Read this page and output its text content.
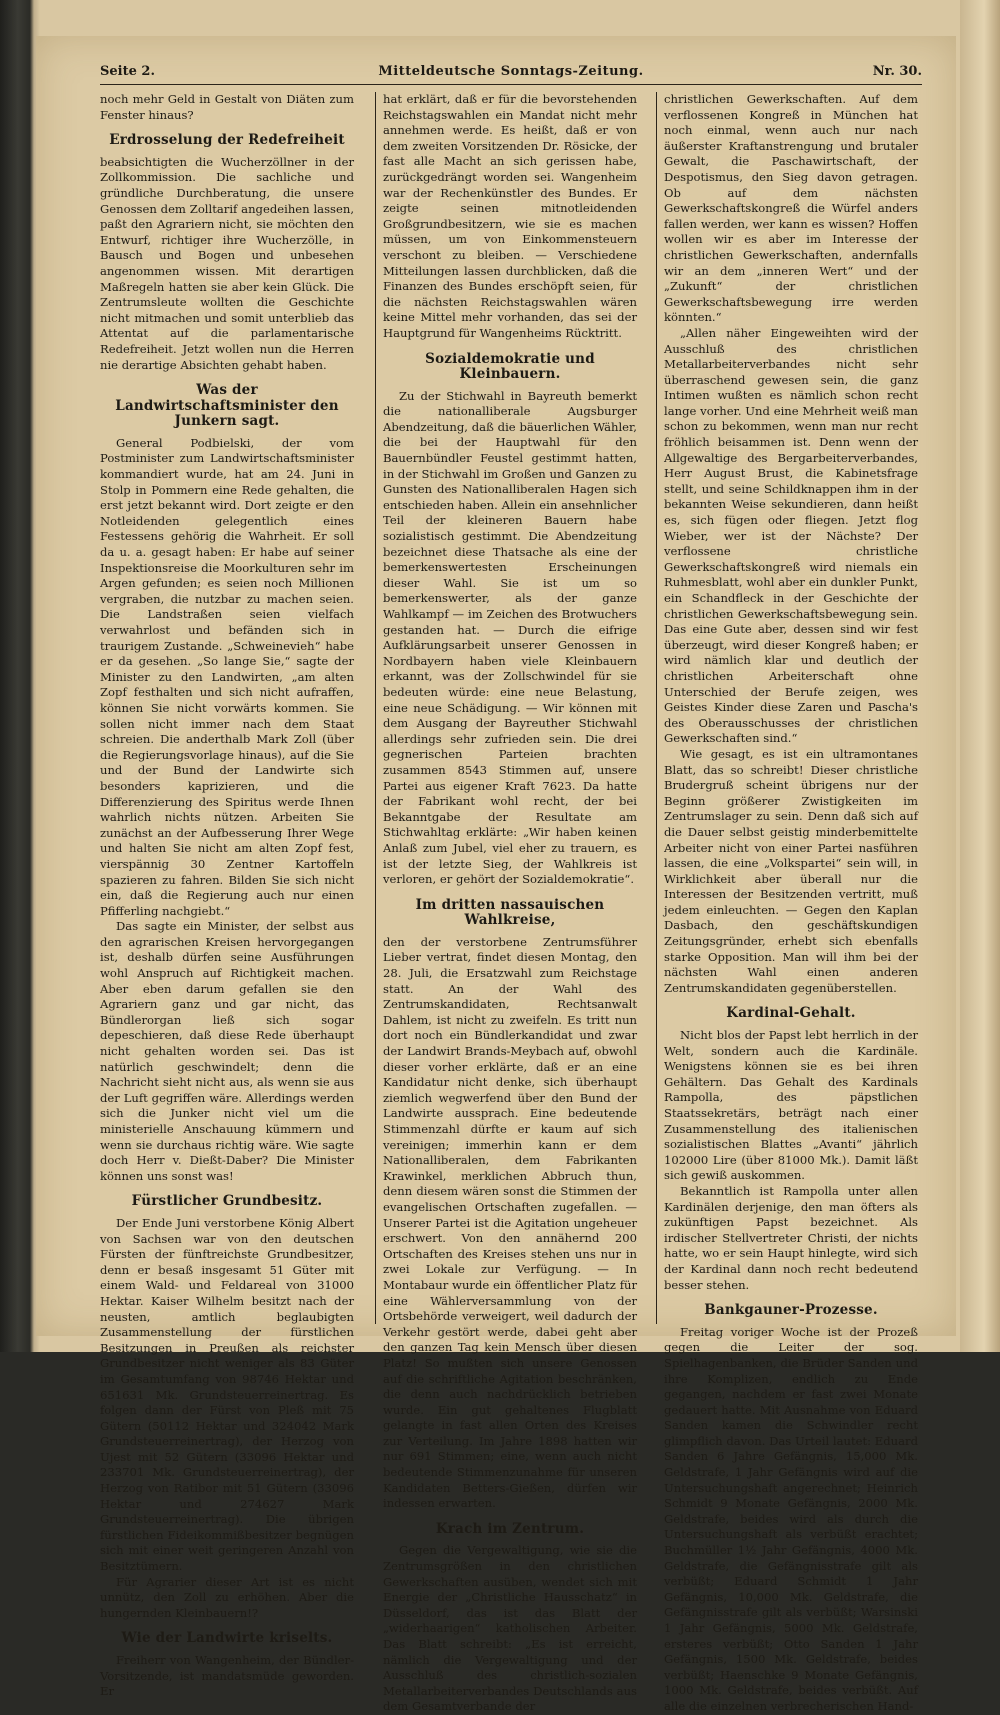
Seite 2.	Mitteldeutsche Sonntags-Zeitung.	Nr. 30.

noch mehr Geld in Gestalt von Diäten zum Fenster hinaus?

Erdrosselung der Redefreiheit

beabsichtigten die Wucherzöllner in der Zollkommission. Die sachliche und gründliche Durchberatung, die unsere Genossen dem Zolltarif angedeihen lassen, paßt den Agrariern nicht, sie möchten den Entwurf, richtiger ihre Wucherzölle, in Bausch und Bogen und unbesehen angenommen wissen. Mit derartigen Maßregeln hatten sie aber kein Glück. Die Zentrumsleute wollten die Geschichte nicht mitmachen und somit unterblieb das Attentat auf die parlamentarische Redefreiheit. Jetzt wollen nun die Herren nie derartige Absichten gehabt haben.

Was der Landwirtschaftsminister den Junkern sagt.

General Podbielski, der vom Postminister zum Landwirtschaftsminister kommandiert wurde, hat am 24. Juni in Stolp in Pommern eine Rede gehalten, die erst jetzt bekannt wird. Dort zeigte er den Notleidenden gelegentlich eines Festessens gehörig die Wahrheit. Er soll da u. a. gesagt haben: Er habe auf seiner Inspektionsreise die Moorkulturen sehr im Argen gefunden; es seien noch Millionen vergraben, die nutzbar zu machen seien. Die Landstraßen seien vielfach verwahrlost und befänden sich in traurigem Zustande. „Schweinevieh“ habe er da gesehen. „So lange Sie,“ sagte der Minister zu den Landwirten, „am alten Zopf festhalten und sich nicht aufraffen, können Sie nicht vorwärts kommen. Sie sollen nicht immer nach dem Staat schreien. Die anderthalb Mark Zoll (über die Regierungsvorlage hinaus), auf die Sie und der Bund der Landwirte sich besonders kaprizieren, und die Differenzierung des Spiritus werde Ihnen wahrlich nichts nützen. Arbeiten Sie zunächst an der Aufbesserung Ihrer Wege und halten Sie nicht am alten Zopf fest, vierspännig 30 Zentner Kartoffeln spazieren zu fahren. Bilden Sie sich nicht ein, daß die Regierung auch nur einen Pfifferling nachgiebt.“

Das sagte ein Minister, der selbst aus den agrarischen Kreisen hervorgegangen ist, deshalb dürfen seine Ausführungen wohl Anspruch auf Richtigkeit machen. Aber eben darum gefallen sie den Agrariern ganz und gar nicht, das Bündlerorgan ließ sich sogar depeschieren, daß diese Rede überhaupt nicht gehalten worden sei. Das ist natürlich geschwindelt; denn die Nachricht sieht nicht aus, als wenn sie aus der Luft gegriffen wäre. Allerdings werden sich die Junker nicht viel um die ministerielle Anschauung kümmern und wenn sie durchaus richtig wäre. Wie sagte doch Herr v. Dießt-Daber? Die Minister können uns sonst was!

Fürstlicher Grundbesitz.

Der Ende Juni verstorbene König Albert von Sachsen war von den deutschen Fürsten der fünftreichste Grundbesitzer, denn er besaß insgesamt 51 Güter mit einem Wald- und Feldareal von 31000 Hektar. Kaiser Wilhelm besitzt nach der neusten, amtlich beglaubigten Zusammenstellung der fürstlichen Besitzungen in Preußen als reichster Grundbesitzer nicht weniger als 83 Güter im Gesamtumfang von 98746 Hektar und 651631 Mk. Grundsteuerreinertrag. Es folgen dann der Fürst von Pleß mit 75 Gütern (50112 Hektar und 324042 Mark Grundsteuerreinertrag), der Herzog von Ujest mit 52 Gütern (33096 Hektar und 233701 Mk. Grundsteuerreinertrag), der Herzog von Ratibor mit 51 Gütern (33096 Hektar und 274627 Mark Grundsteuerreinertrag). Die übrigen fürstlichen Fideikommißbesitzer begnügen sich mit einer weit geringeren Anzahl von Besitztümern.

Für Agrarier dieser Art ist es nicht unnütz, den Zoll zu erhöhen. Aber die hungernden Kleinbauern!?

Wie der Landwirte kriselts.

Freiherr von Wangenheim, der Bündler-Vorsitzende, ist mandatsmüde geworden. Er

hat erklärt, daß er für die bevorstehenden Reichstagswahlen ein Mandat nicht mehr annehmen werde. Es heißt, daß er von dem zweiten Vorsitzenden Dr. Rösicke, der fast alle Macht an sich gerissen habe, zurückgedrängt worden sei. Wangenheim war der Rechenkünstler des Bundes. Er zeigte seinen mitnotleidenden Großgrundbesitzern, wie sie es machen müssen, um von Einkommensteuern verschont zu bleiben. — Verschiedene Mitteilungen lassen durchblicken, daß die Finanzen des Bundes erschöpft seien, für die nächsten Reichstagswahlen wären keine Mittel mehr vorhanden, das sei der Hauptgrund für Wangenheims Rücktritt.

Sozialdemokratie und Kleinbauern.

Zu der Stichwahl in Bayreuth bemerkt die nationalliberale Augsburger Abendzeitung, daß die bäuerlichen Wähler, die bei der Hauptwahl für den Bauernbündler Feustel gestimmt hatten, in der Stichwahl im Großen und Ganzen zu Gunsten des Nationalliberalen Hagen sich entschieden haben. Allein ein ansehnlicher Teil der kleineren Bauern habe sozialistisch gestimmt. Die Abendzeitung bezeichnet diese Thatsache als eine der bemerkenswertesten Erscheinungen dieser Wahl. Sie ist um so bemerkenswerter, als der ganze Wahlkampf — im Zeichen des Brotwuchers gestanden hat. — Durch die eifrige Aufklärungsarbeit unserer Genossen in Nordbayern haben viele Kleinbauern erkannt, was der Zollschwindel für sie bedeuten würde: eine neue Belastung, eine neue Schädigung. — Wir können mit dem Ausgang der Bayreuther Stichwahl allerdings sehr zufrieden sein. Die drei gegnerischen Parteien brachten zusammen 8543 Stimmen auf, unsere Partei aus eigener Kraft 7623. Da hatte der Fabrikant wohl recht, der bei Bekanntgabe der Resultate am Stichwahltag erklärte: „Wir haben keinen Anlaß zum Jubel, viel eher zu trauern, es ist der letzte Sieg, der Wahlkreis ist verloren, er gehört der Sozialdemokratie“.

Im dritten nassauischen Wahlkreise,

den der verstorbene Zentrumsführer Lieber vertrat, findet diesen Montag, den 28. Juli, die Ersatzwahl zum Reichstage statt. An der Wahl des Zentrumskandidaten, Rechtsanwalt Dahlem, ist nicht zu zweifeln. Es tritt nun dort noch ein Bündlerkandidat und zwar der Landwirt Brands-Meybach auf, obwohl dieser vorher erklärte, daß er an eine Kandidatur nicht denke, sich überhaupt ziemlich wegwerfend über den Bund der Landwirte aussprach. Eine bedeutende Stimmenzahl dürfte er kaum auf sich vereinigen; immerhin kann er dem Nationalliberalen, dem Fabrikanten Krawinkel, merklichen Abbruch thun, denn diesem wären sonst die Stimmen der evangelischen Ortschaften zugefallen. — Unserer Partei ist die Agitation ungeheuer erschwert. Von den annähernd 200 Ortschaften des Kreises stehen uns nur in zwei Lokale zur Verfügung. — In Montabaur wurde ein öffentlicher Platz für eine Wählerversammlung von der Ortsbehörde verweigert, weil dadurch der Verkehr gestört werde, dabei geht aber den ganzen Tag kein Mensch über diesen Platz! So mußten sich unsere Genossen auf die schriftliche Agitation beschränken, die denn auch nachdrücklich betrieben wurde. Ein gut gehaltenes Flugblatt gelangte in fast allen Orten des Kreises zur Verteilung. Im Jahre 1898 hatten wir nur 691 Stimmen; eine, wenn auch nicht bedeutende Stimmenzunahme für unseren Kandidaten Betters-Gießen, dürfen wir indessen erwarten.

Krach im Zentrum.

Gegen die Vergewaltigung, wie sie die Zentrumsgrößen in den christlichen Gewerkschaften ausüben, wendet sich mit Energie der „Christliche Hausschatz“ in Düsseldorf, das ist das Blatt der „widerhaarigen“ katholischen Arbeiter. Das Blatt schreibt: „Es ist erreicht, nämlich die Vergewaltigung und der Ausschluß des christlich-sozialen Metallarbeiterverbandes Deutschlands aus dem Gesamtverbande der

christlichen Gewerkschaften. Auf dem verflossenen Kongreß in München hat noch einmal, wenn auch nur nach äußerster Kraftanstrengung und brutaler Gewalt, die Paschawirtschaft, der Despotismus, den Sieg davon getragen. Ob auf dem nächsten Gewerkschaftskongreß die Würfel anders fallen werden, wer kann es wissen? Hoffen wollen wir es aber im Interesse der christlichen Gewerkschaften, andernfalls wir an dem „inneren Wert“ und der „Zukunft“ der christlichen Gewerkschaftsbewegung irre werden könnten.“

„Allen näher Eingeweihten wird der Ausschluß des christlichen Metallarbeiterverbandes nicht sehr überraschend gewesen sein, die ganz Intimen wußten es nämlich schon recht lange vorher. Und eine Mehrheit weiß man schon zu bekommen, wenn man nur recht fröhlich beisammen ist. Denn wenn der Allgewaltige des Bergarbeiterverbandes, Herr August Brust, die Kabinetsfrage stellt, und seine Schildknappen ihm in der bekannten Weise sekundieren, dann heißt es, sich fügen oder fliegen. Jetzt flog Wieber, wer ist der Nächste? Der verflossene christliche Gewerkschaftskongreß wird niemals ein Ruhmesblatt, wohl aber ein dunkler Punkt, ein Schandfleck in der Geschichte der christlichen Gewerkschaftsbewegung sein. Das eine Gute aber, dessen sind wir fest überzeugt, wird dieser Kongreß haben; er wird nämlich klar und deutlich der christlichen Arbeiterschaft ohne Unterschied der Berufe zeigen, wes Geistes Kinder diese Zaren und Pascha's des Oberausschusses der christlichen Gewerkschaften sind.“

Wie gesagt, es ist ein ultramontanes Blatt, das so schreibt! Dieser christliche Brudergruß scheint übrigens nur der Beginn größerer Zwistigkeiten im Zentrumslager zu sein. Denn daß sich auf die Dauer selbst geistig minderbemittelte Arbeiter nicht von einer Partei nasführen lassen, die eine „Volkspartei“ sein will, in Wirklichkeit aber überall nur die Interessen der Besitzenden vertritt, muß jedem einleuchten. — Gegen den Kaplan Dasbach, den geschäftskundigen Zeitungsgründer, erhebt sich ebenfalls starke Opposition. Man will ihm bei der nächsten Wahl einen anderen Zentrumskandidaten gegenüberstellen.

Kardinal-Gehalt.

Nicht blos der Papst lebt herrlich in der Welt, sondern auch die Kardinäle. Wenigstens können sie es bei ihren Gehältern. Das Gehalt des Kardinals Rampolla, des päpstlichen Staatssekretärs, beträgt nach einer Zusammenstellung des italienischen sozialistischen Blattes „Avanti“ jährlich 102000 Lire (über 81000 Mk.). Damit läßt sich gewiß auskommen.

Bekanntlich ist Rampolla unter allen Kardinälen derjenige, den man öfters als zukünftigen Papst bezeichnet. Als irdischer Stellvertreter Christi, der nichts hatte, wo er sein Haupt hinlegte, wird sich der Kardinal dann noch recht bedeutend besser stehen.

Bankgauner-Prozesse.

Freitag voriger Woche ist der Prozeß gegen die Leiter der sog. Spielhagenbanken, die Brüder Sanden und ihre Komplizen, endlich zu Ende gegangen, nachdem er fast zwei Monate gedauert hatte. Mit Ausnahme von Eduard Sanden kamen die Schwindler recht glimpflich davon. Das Urteil lautet: Eduard Sanden 6 Jahre Gefängnis, 15,000 Mk. Geldstrafe, 1 Jahr Gefängnis wird auf die Untersuchungshaft angerechnet; Heinrich Schmidt 9 Monate Gefängnis, 2000 Mk. Geldstrafe, beides wird als durch die Untersuchungshaft als verbüßt erachtet; Buchmüller 1½ Jahr Gefängnis, 4000 Mk. Geldstrafe, die Gefängnisstrafe gilt als verbüßt; Eduard Schmidt 1 Jahr Gefängnis, 10,000 Mk. Geldstrafe, die Gefängnisstrafe gilt als verbüßt; Warsinski 1 Jahr Gefängnis, 5000 Mk. Geldstrafe, ersteres verbüßt; Otto Sanden 1 Jahr Gefängnis, 1500 Mk. Geldstrafe, beides verbüßt; Haenschke 9 Monate Gefängnis, 1000 Mk. Geldstrafe, beides verbüßt. Auf alle die einzelnen verbrecherischen Hand-
